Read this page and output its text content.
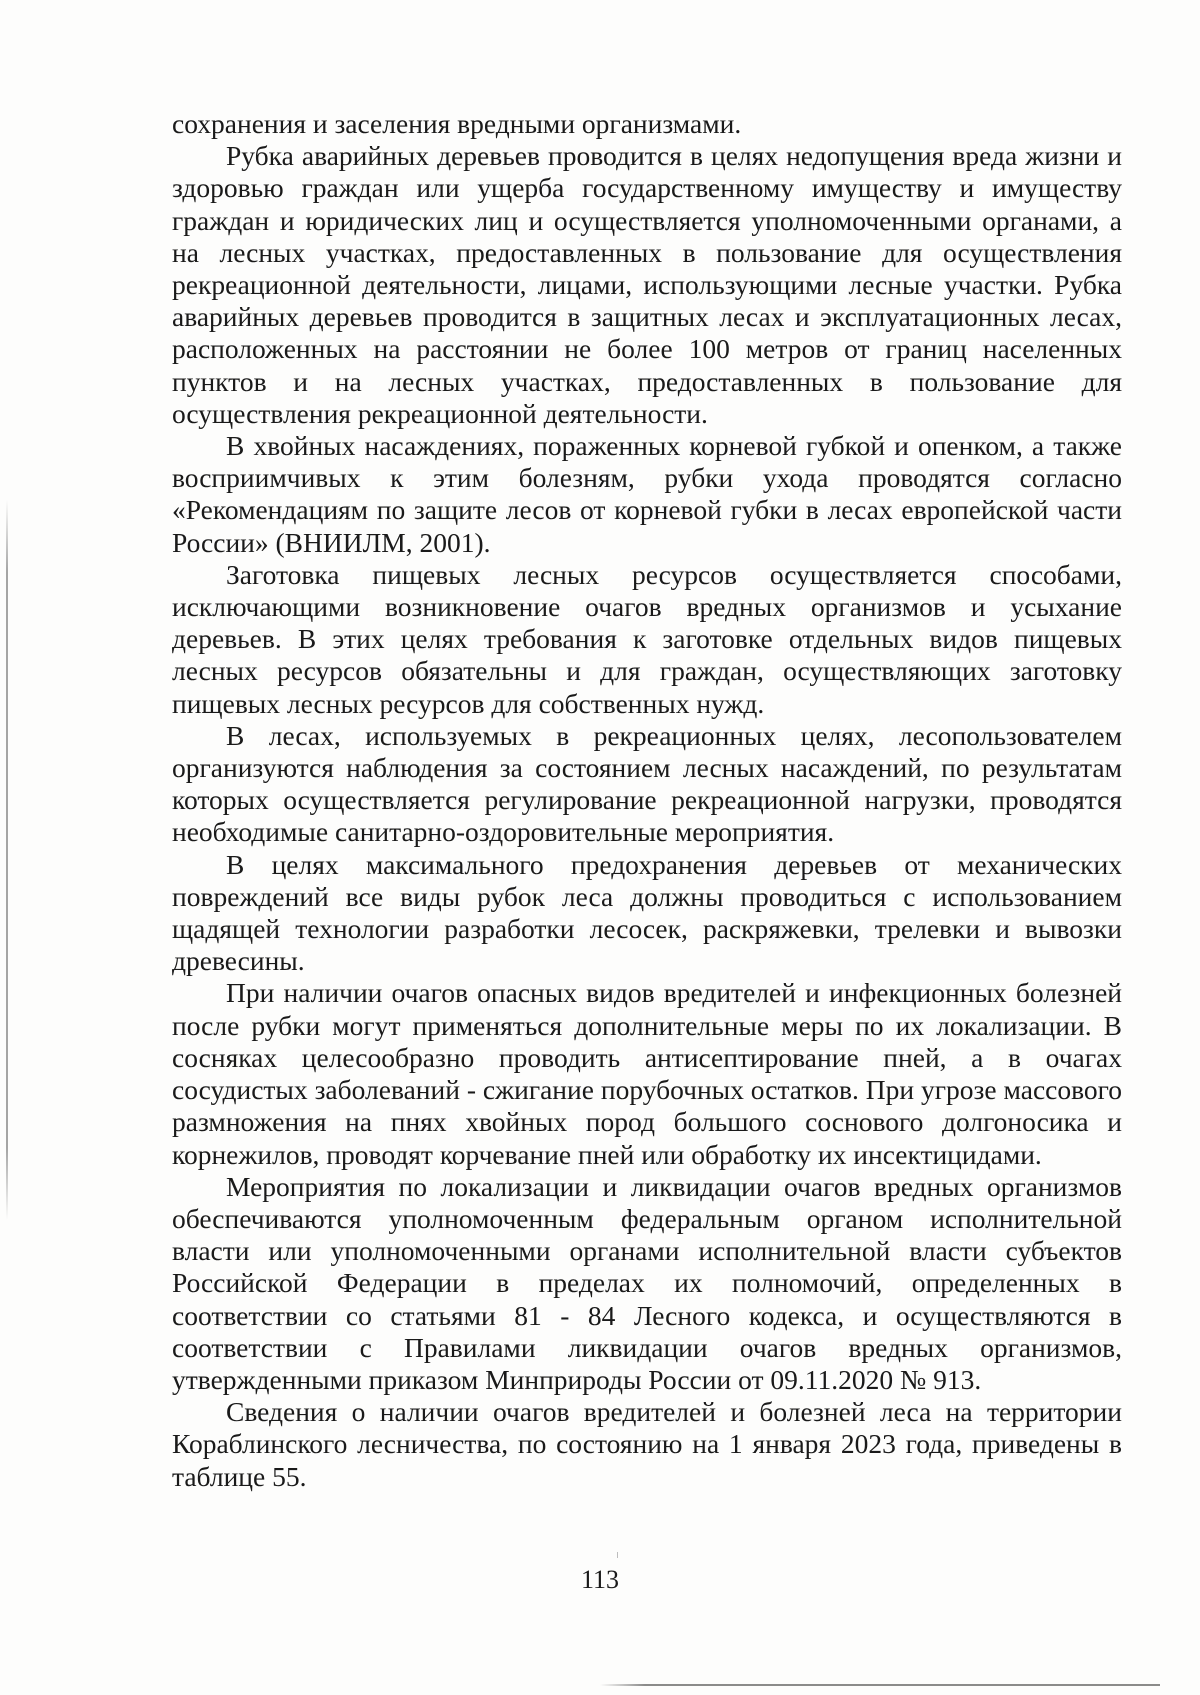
сохранения и заселения вредными организмами.

Рубка аварийных деревьев проводится в целях недопущения вреда жизни и здоровью граждан или ущерба государственному имуществу и имуществу граждан и юридических лиц и осуществляется уполномоченными органами, а на лесных участках, предоставленных в пользование для осуществления рекреационной деятельности, лицами, использующими лесные участки. Рубка аварийных деревьев проводится в защитных лесах и эксплуатационных лесах, расположенных на расстоянии не более 100 метров от границ населенных пунктов и на лесных участках, предоставленных в пользование для осуществления рекреационной деятельности.

В хвойных насаждениях, пораженных корневой губкой и опенком, а также восприимчивых к этим болезням, рубки ухода проводятся согласно «Рекомендациям по защите лесов от корневой губки в лесах европейской части России» (ВНИИЛМ, 2001).

Заготовка пищевых лесных ресурсов осуществляется способами, исключающими возникновение очагов вредных организмов и усыхание деревьев. В этих целях требования к заготовке отдельных видов пищевых лесных ресурсов обязательны и для граждан, осуществляющих заготовку пищевых лесных ресурсов для собственных нужд.

В лесах, используемых в рекреационных целях, лесопользователем организуются наблюдения за состоянием лесных насаждений, по результатам которых осуществляется регулирование рекреационной нагрузки, проводятся необходимые санитарно-оздоровительные мероприятия.

В целях максимального предохранения деревьев от механических повреждений все виды рубок леса должны проводиться с использованием щадящей технологии разработки лесосек, раскряжевки, трелевки и вывозки древесины.

При наличии очагов опасных видов вредителей и инфекционных болезней после рубки могут применяться дополнительные меры по их локализации. В сосняках целесообразно проводить антисептирование пней, а в очагах сосудистых заболеваний - сжигание порубочных остатков. При угрозе массового размножения на пнях хвойных пород большого соснового долгоносика и корнежилов, проводят корчевание пней или обработку их инсектицидами.

Мероприятия по локализации и ликвидации очагов вредных организмов обеспечиваются уполномоченным федеральным органом исполнительной власти или уполномоченными органами исполнительной власти субъектов Российской Федерации в пределах их полномочий, определенных в соответствии со статьями 81 - 84 Лесного кодекса, и осуществляются в соответствии с Правилами ликвидации очагов вредных организмов, утвержденными приказом Минприроды России от 09.11.2020 № 913.

Сведения о наличии очагов вредителей и болезней леса на территории Кораблинского лесничества, по состоянию на 1 января 2023 года, приведены в таблице 55.

113
